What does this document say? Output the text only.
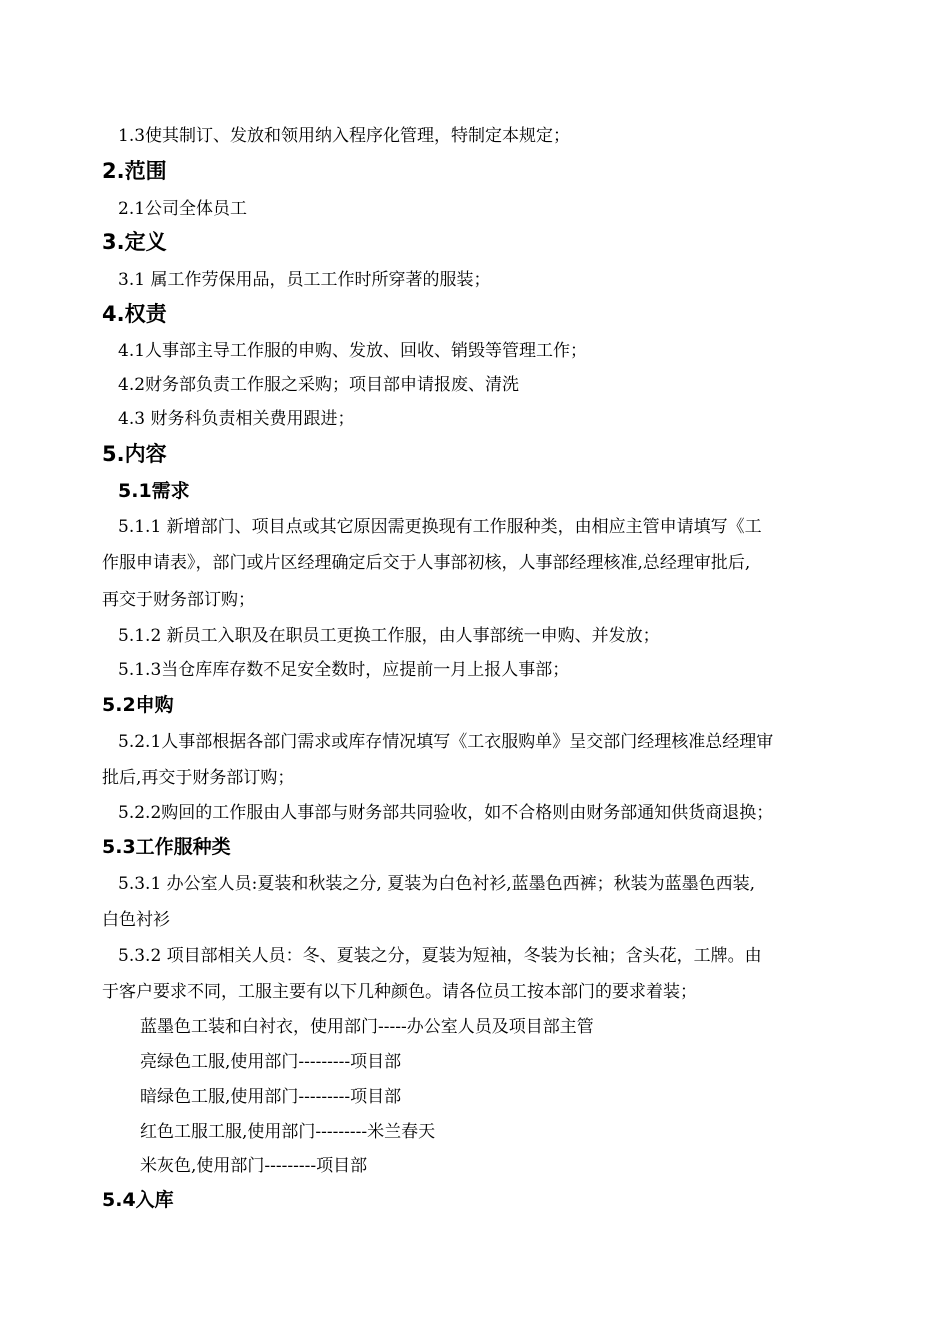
1.3使其制订、发放和领用纳入程序化管理，特制定本规定；
2.范围
2.1公司全体员工
3.定义
3.1 属工作劳保用品，员工工作时所穿著的服装；
4.权责
4.1人事部主导工作服的申购、发放、回收、销毁等管理工作；
4.2财务部负责工作服之采购；项目部申请报废、清洗
4.3 财务科负责相关费用跟进；
5.内容
5.1需求
5.1.1 新增部门、项目点或其它原因需更换现有工作服种类，由相应主管申请填写《工
作服申请表》，部门或片区经理确定后交于人事部初核，人事部经理核准,总经理审批后,
再交于财务部订购；
5.1.2 新员工入职及在职员工更换工作服，由人事部统一申购、并发放；
5.1.3当仓库库存数不足安全数时，应提前一月上报人事部；
5.2申购
5.2.1人事部根据各部门需求或库存情况填写《工衣服购单》呈交部门经理核准总经理审
批后,再交于财务部订购；
5.2.2购回的工作服由人事部与财务部共同验收，如不合格则由财务部通知供货商退换；
5.3工作服种类
5.3.1 办公室人员:夏装和秋装之分, 夏装为白色衬衫,蓝墨色西裤；秋装为蓝墨色西装,
白色衬衫
5.3.2 项目部相关人员：冬、夏装之分，夏装为短袖，冬装为长袖；含头花，工牌。由
于客户要求不同，工服主要有以下几种颜色。请各位员工按本部门的要求着装；
蓝墨色工装和白衬衣，使用部门-----办公室人员及项目部主管
亮绿色工服,使用部门---------项目部
暗绿色工服,使用部门---------项目部
红色工服工服,使用部门---------米兰春天
米灰色,使用部门---------项目部
5.4入库
